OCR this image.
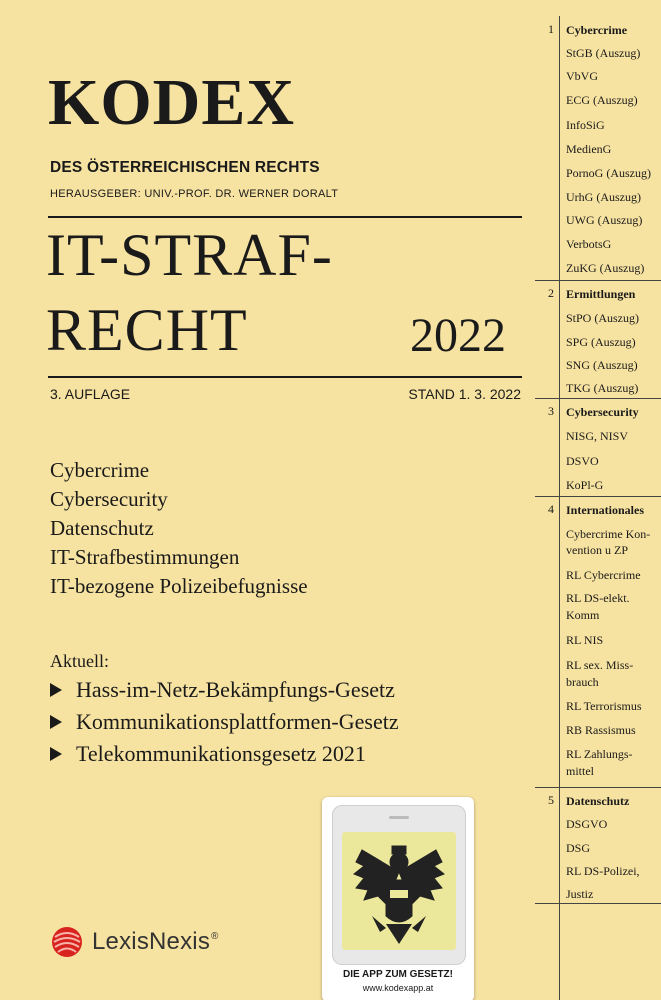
KODEX
DES ÖSTERREICHISCHEN RECHTS
HERAUSGEBER: UNIV.-PROF. DR. WERNER DORALT
IT-STRAF-
RECHT	2022
3. AUFLAGE	STAND 1. 3. 2022
Cybercrime
Cybersecurity
Datenschutz
IT-Strafbestimmungen
IT-bezogene Polizeibefugnisse
Aktuell:
Hass-im-Netz-Bekämpfungs-Gesetz
Kommunikationsplattformen-Gesetz
Telekommunikationsgesetz 2021
LexisNexis ®
DIE APP ZUM GESETZ!
www.kodexapp.at
1 Cybercrime
StGB (Auszug)
VbVG
ECG (Auszug)
InfoSiG
MedienG
PornoG (Auszug)
UrhG (Auszug)
UWG (Auszug)
VerbotsG
ZuKG (Auszug)
2 Ermittlungen
StPO (Auszug)
SPG (Auszug)
SNG (Auszug)
TKG (Auszug)
3 Cybersecurity
NISG, NISV
DSVO
KoPl-G
4 Internationales
Cybercrime Kon-
vention u ZP
RL Cybercrime
RL DS-elekt.
Komm
RL NIS
RL sex. Miss-
brauch
RL Terrorismus
RB Rassismus
RL Zahlungs-
mittel
5 Datenschutz
DSGVO
DSG
RL DS-Polizei,
Justiz
